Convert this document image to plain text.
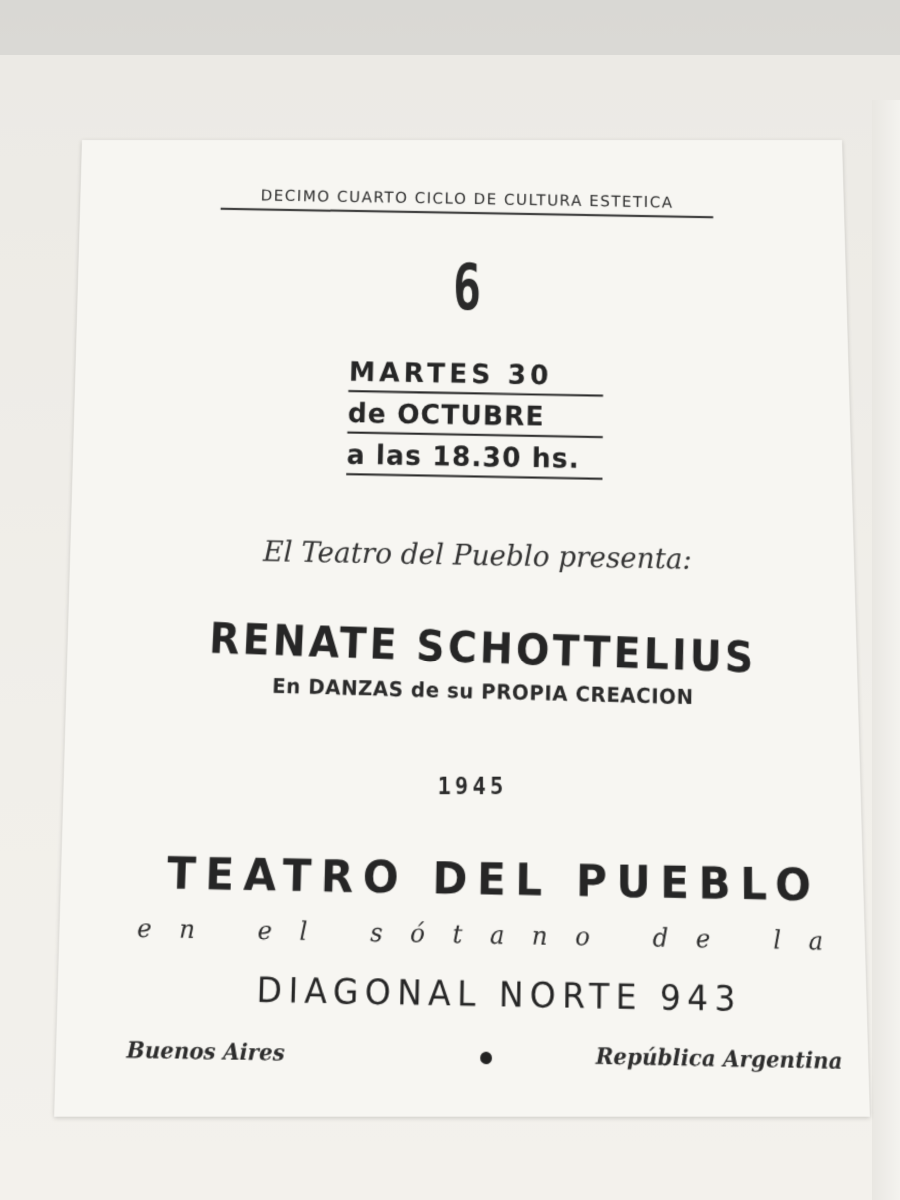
DECIMO CUARTO CICLO DE CULTURA ESTETICA
6
MARTES 30
de OCTUBRE
a las 18.30 hs.
El Teatro del Pueblo presenta:
RENATE SCHOTTELIUS
En DANZAS de su PROPIA CREACION
1945
TEATRO DEL PUEBLO
en el sótano de la
DIAGONAL NORTE 943
Buenos Aires	República Argentina
